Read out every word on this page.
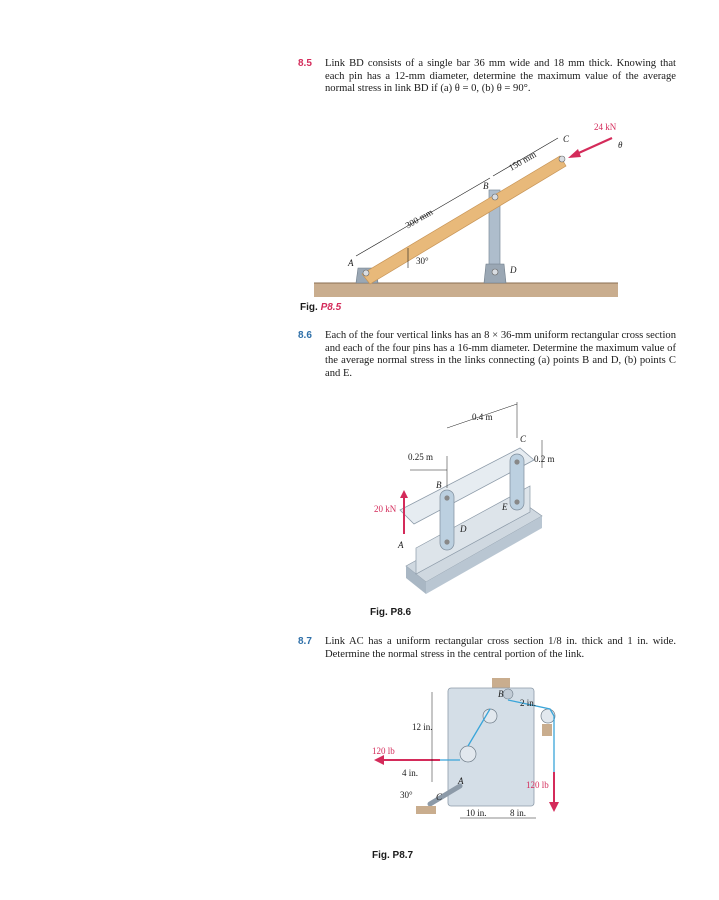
8.5 Link BD consists of a single bar 36 mm wide and 18 mm thick. Knowing that each pin has a 12-mm diameter, determine the maximum value of the average normal stress in link BD if (a) θ = 0, (b) θ = 90°.
300 mm
150 mm
30°
A
B
C
D
24 kN
θ
Fig. P8.5
8.6 Each of the four vertical links has an 8 × 36-mm uniform rectangular cross section and each of the four pins has a 16-mm diameter. Determine the maximum value of the average normal stress in the links connecting (a) points B and D, (b) points C and E.
0.4 m
0.25 m	0.2 m
B
C
D
E
A
20 kN
Fig. P8.6
8.7 Link AC has a uniform rectangular cross section 1/8 in. thick and 1 in. wide. Determine the normal stress in the central portion of the link.
12 in.
4 in.
2 in.
10 in.	8 in.
30°
A
B
C
120 lb
120 lb
Fig. P8.7
